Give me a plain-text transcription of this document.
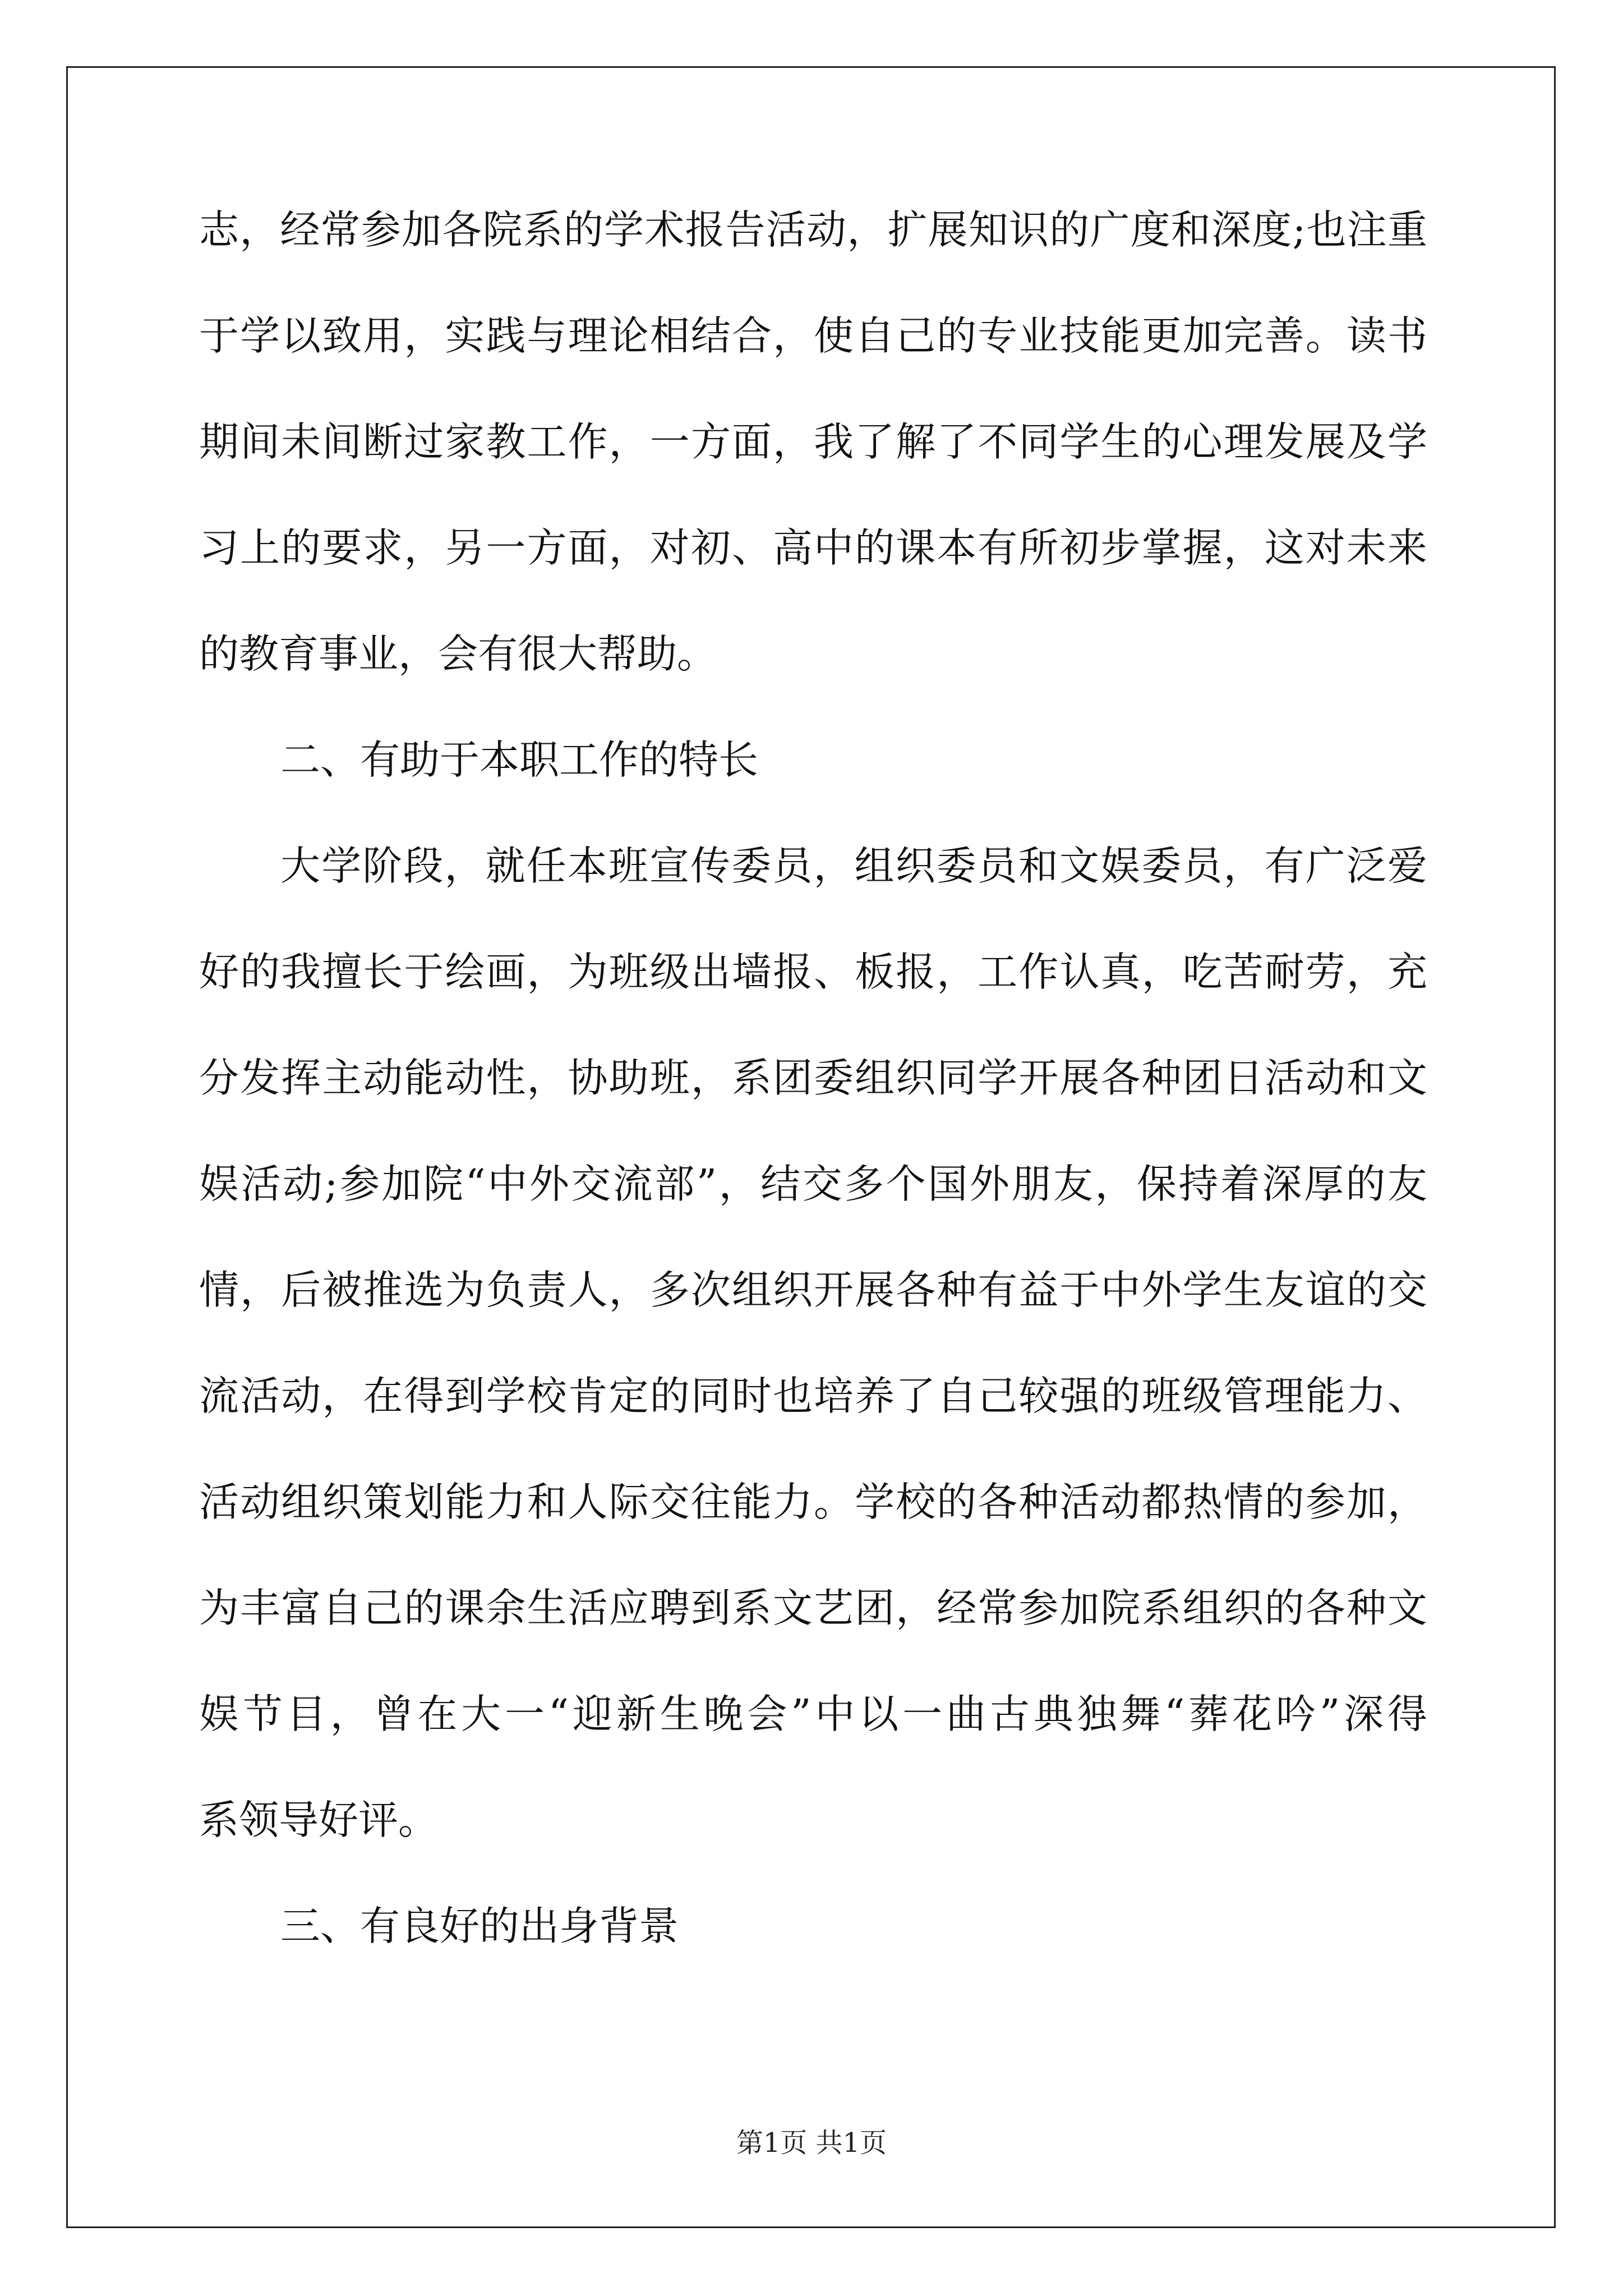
志，经常参加各院系的学术报告活动，扩展知识的广度和深度;也注重
于学以致用，实践与理论相结合，使自己的专业技能更加完善。读书
期间未间断过家教工作，一方面，我了解了不同学生的心理发展及学
习上的要求，另一方面，对初、高中的课本有所初步掌握，这对未来
的教育事业，会有很大帮助。
二、有助于本职工作的特长
大学阶段，就任本班宣传委员，组织委员和文娱委员，有广泛爱
好的我擅长于绘画，为班级出墙报、板报，工作认真，吃苦耐劳，充
分发挥主动能动性，协助班，系团委组织同学开展各种团日活动和文
娱活动;参加院“中外交流部”，结交多个国外朋友，保持着深厚的友
情，后被推选为负责人，多次组织开展各种有益于中外学生友谊的交
流活动，在得到学校肯定的同时也培养了自己较强的班级管理能力、
活动组织策划能力和人际交往能力。学校的各种活动都热情的参加，
为丰富自己的课余生活应聘到系文艺团，经常参加院系组织的各种文
娱节目，曾在大一“迎新生晚会”中以一曲古典独舞“葬花吟”深得
系领导好评。
三、有良好的出身背景
第1页 共1页
